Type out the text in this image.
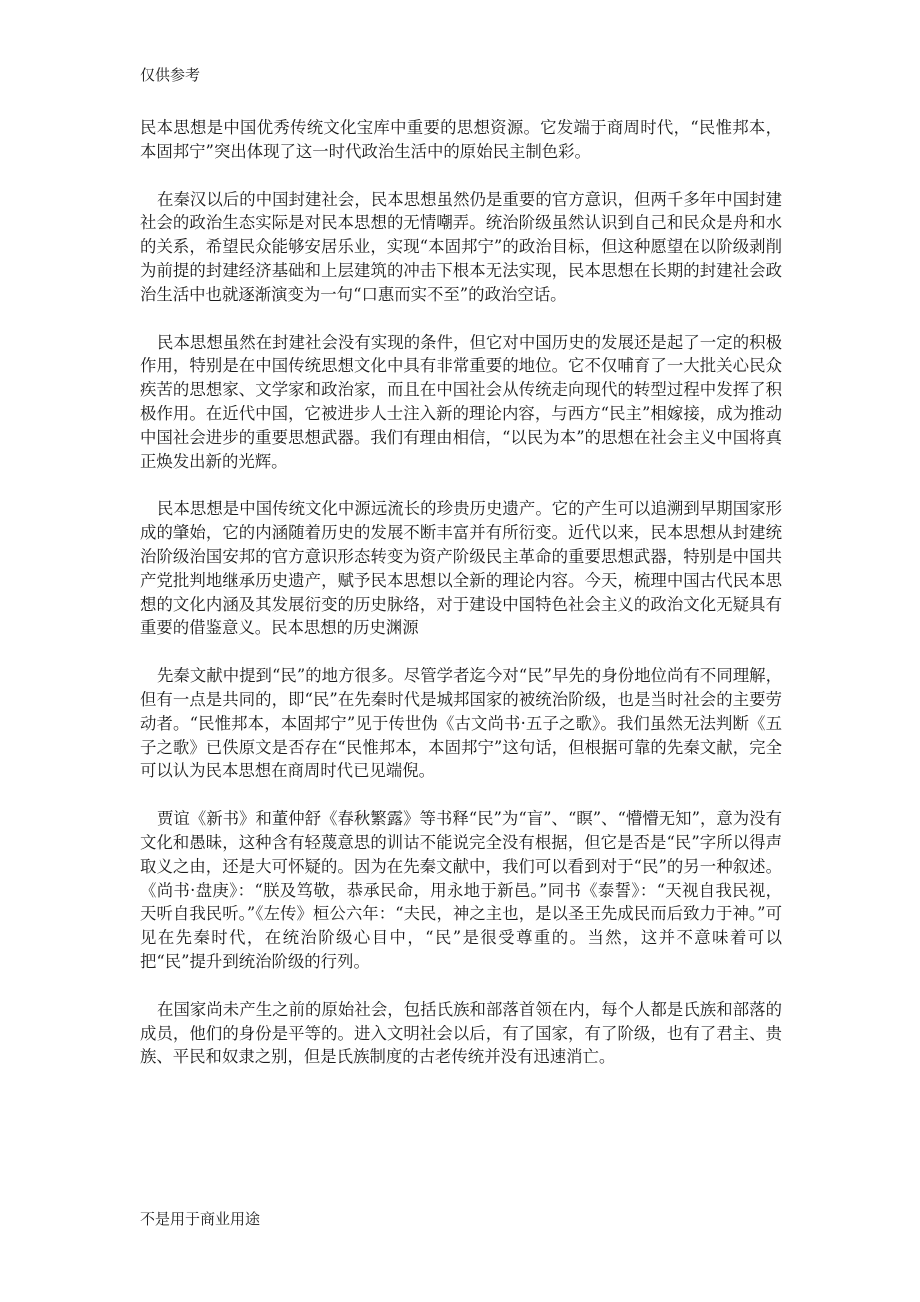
仅供参考

民本思想是中国优秀传统文化宝库中重要的思想资源。它发端于商周时代，“民惟邦本，本固邦宁”突出体现了这一时代政治生活中的原始民主制色彩。

在秦汉以后的中国封建社会，民本思想虽然仍是重要的官方意识，但两千多年中国封建社会的政治生态实际是对民本思想的无情嘲弄。统治阶级虽然认识到自己和民众是舟和水的关系，希望民众能够安居乐业，实现“本固邦宁”的政治目标，但这种愿望在以阶级剥削为前提的封建经济基础和上层建筑的冲击下根本无法实现，民本思想在长期的封建社会政治生活中也就逐渐演变为一句“口惠而实不至”的政治空话。

民本思想虽然在封建社会没有实现的条件，但它对中国历史的发展还是起了一定的积极作用，特别是在中国传统思想文化中具有非常重要的地位。它不仅哺育了一大批关心民众疾苦的思想家、文学家和政治家，而且在中国社会从传统走向现代的转型过程中发挥了积极作用。在近代中国，它被进步人士注入新的理论内容，与西方“民主”相嫁接，成为推动中国社会进步的重要思想武器。我们有理由相信，“以民为本”的思想在社会主义中国将真正焕发出新的光辉。

民本思想是中国传统文化中源远流长的珍贵历史遗产。它的产生可以追溯到早期国家形成的肇始，它的内涵随着历史的发展不断丰富并有所衍变。近代以来，民本思想从封建统治阶级治国安邦的官方意识形态转变为资产阶级民主革命的重要思想武器，特别是中国共产党批判地继承历史遗产，赋予民本思想以全新的理论内容。今天，梳理中国古代民本思想的文化内涵及其发展衍变的历史脉络，对于建设中国特色社会主义的政治文化无疑具有重要的借鉴意义。民本思想的历史渊源

先秦文献中提到“民”的地方很多。尽管学者迄今对“民”早先的身份地位尚有不同理解，但有一点是共同的，即“民”在先秦时代是城邦国家的被统治阶级，也是当时社会的主要劳动者。“民惟邦本，本固邦宁”见于传世伪《古文尚书·五子之歌》。我们虽然无法判断《五子之歌》已佚原文是否存在“民惟邦本，本固邦宁”这句话，但根据可靠的先秦文献，完全可以认为民本思想在商周时代已见端倪。

贾谊《新书》和董仲舒《春秋繁露》等书释“民”为“盲”、“瞑”、“懵懵无知”，意为没有文化和愚昧，这种含有轻蔑意思的训诂不能说完全没有根据，但它是否是“民”字所以得声取义之由，还是大可怀疑的。因为在先秦文献中，我们可以看到对于“民”的另一种叙述。《尚书·盘庚》：“朕及笃敬，恭承民命，用永地于新邑。”同书《泰誓》：“天视自我民视，天听自我民听。”《左传》桓公六年：“夫民，神之主也，是以圣王先成民而后致力于神。”可见在先秦时代，在统治阶级心目中，“民”是很受尊重的。当然，这并不意味着可以把“民”提升到统治阶级的行列。

在国家尚未产生之前的原始社会，包括氏族和部落首领在内，每个人都是氏族和部落的成员，他们的身份是平等的。进入文明社会以后，有了国家，有了阶级，也有了君主、贵族、平民和奴隶之别，但是氏族制度的古老传统并没有迅速消亡。

不是用于商业用途
